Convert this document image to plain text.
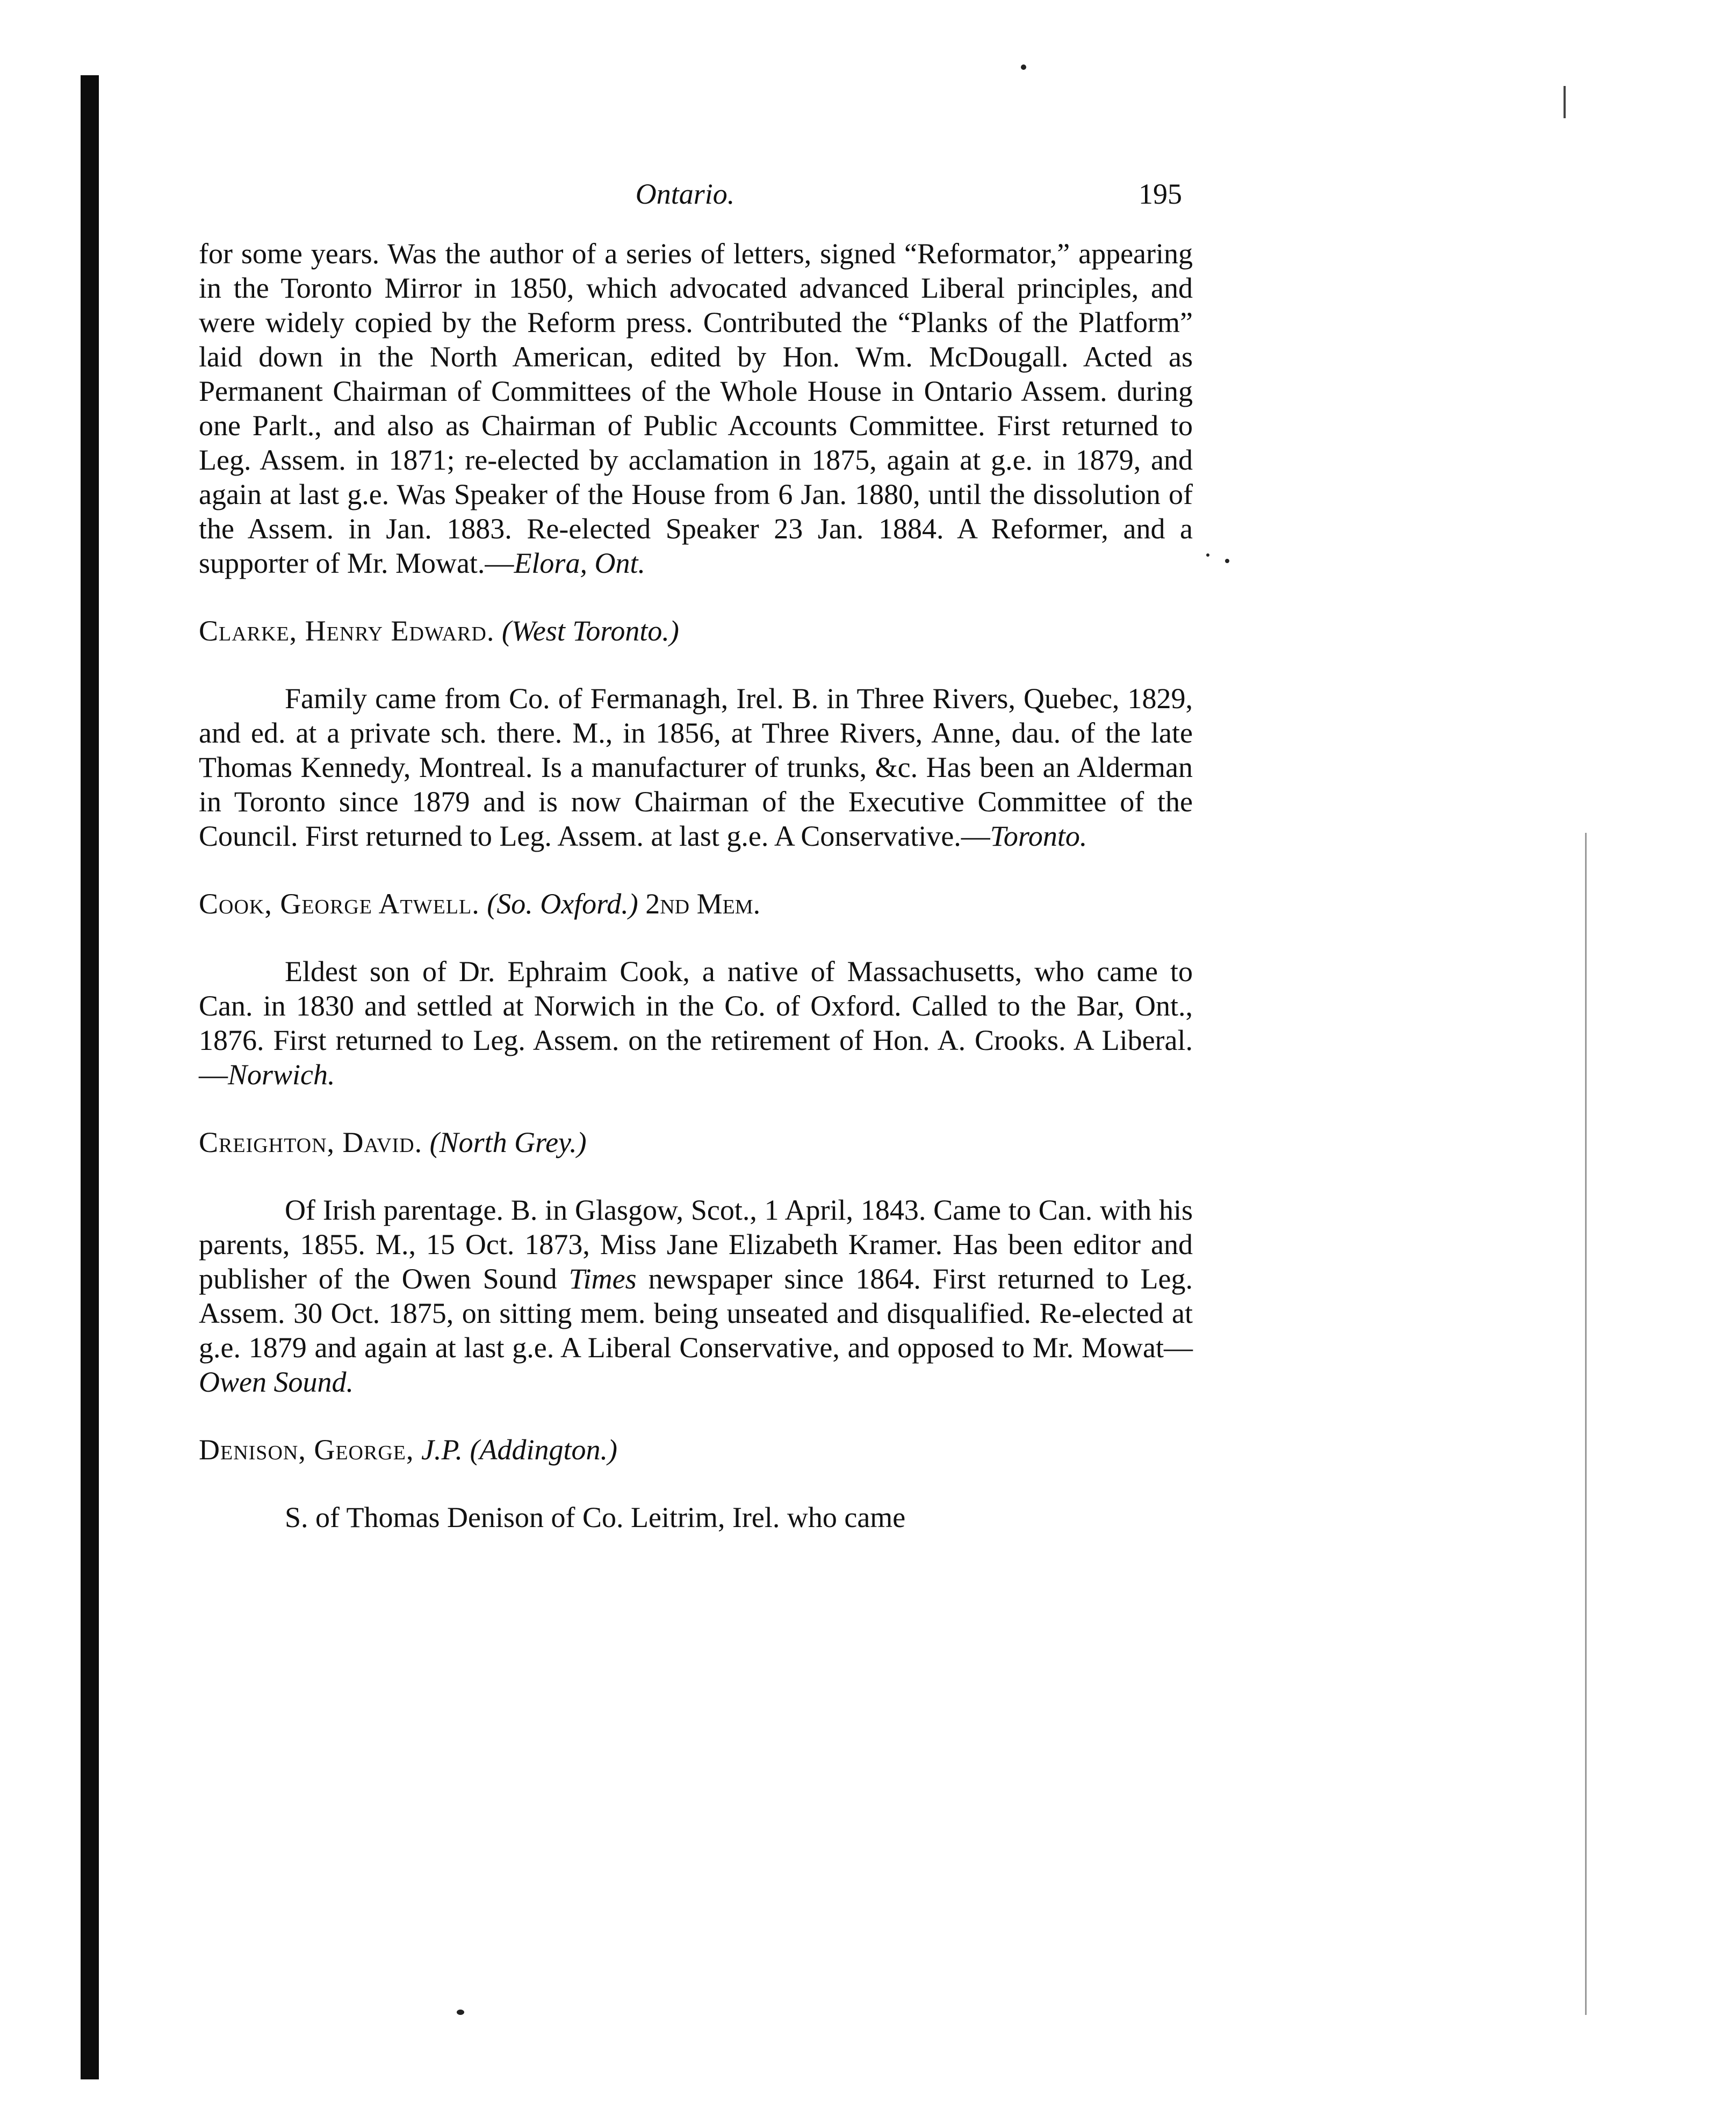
Ontario.	195

for some years. Was the author of a series of letters, signed “Reformator,” appearing in the Toronto Mirror in 1850, which advocated advanced Liberal principles, and were widely copied by the Reform press. Contributed the “Planks of the Platform” laid down in the North American, edited by Hon. Wm. McDougall. Acted as Permanent Chairman of Committees of the Whole House in Ontario Assem. during one Parlt., and also as Chairman of Public Accounts Committee. First returned to Leg. Assem. in 1871; re-elected by acclamation in 1875, again at g.e. in 1879, and again at last g.e. Was Speaker of the House from 6 Jan. 1880, until the dissolution of the Assem. in Jan. 1883. Re-elected Speaker 23 Jan. 1884. A Reformer, and a supporter of Mr. Mowat.—Elora, Ont.

Clarke, Henry Edward. (West Toronto.)

Family came from Co. of Fermanagh, Irel. B. in Three Rivers, Quebec, 1829, and ed. at a private sch. there. M., in 1856, at Three Rivers, Anne, dau. of the late Thomas Kennedy, Montreal. Is a manufacturer of trunks, &c. Has been an Alderman in Toronto since 1879 and is now Chairman of the Executive Committee of the Council. First returned to Leg. Assem. at last g.e. A Conservative.—Toronto.

Cook, George Atwell. (So. Oxford.) 2nd Mem.

Eldest son of Dr. Ephraim Cook, a native of Massachusetts, who came to Can. in 1830 and settled at Norwich in the Co. of Oxford. Called to the Bar, Ont., 1876. First returned to Leg. Assem. on the retirement of Hon. A. Crooks. A Liberal.—Norwich.

Creighton, David. (North Grey.)

Of Irish parentage. B. in Glasgow, Scot., 1 April, 1843. Came to Can. with his parents, 1855. M., 15 Oct. 1873, Miss Jane Elizabeth Kramer. Has been editor and publisher of the Owen Sound Times newspaper since 1864. First returned to Leg. Assem. 30 Oct. 1875, on sitting mem. being unseated and disqualified. Re-elected at g.e. 1879 and again at last g.e. A Liberal Conservative, and opposed to Mr. Mowat—Owen Sound.

Denison, George, J.P. (Addington.)

S. of Thomas Denison of Co. Leitrim, Irel. who came
